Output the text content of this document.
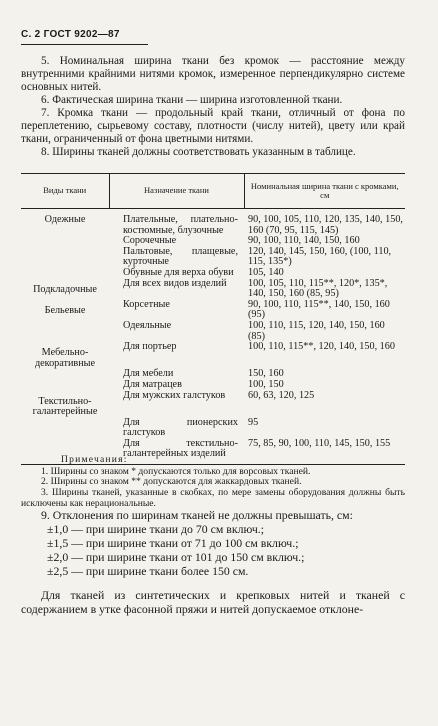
С. 2 ГОСТ 9202—87

5. Номинальная ширина ткани без кромок — расстояние между внутренними крайними нитями кромок, измеренное перпендикулярно системе основных нитей.

6. Фактическая ширина ткани — ширина изготовленной ткани.

7. Кромка ткани — продольный край ткани, отличный от фона по переплетению, сырьевому составу, плотности (числу нитей), цвету или край ткани, ограниченный от фона цветными нитями.

8. Ширины тканей должны соответствовать указанным в таблице.

Виды ткани	Назначение ткани	Номинальная ширина ткани с кромками, см
Одежные	Плательные, плательно-костюмные, блузочные	90, 100, 105, 110, 120, 135, 140, 150, 160 (70, 95, 115, 145)
	Сорочечные	90, 100, 110, 140, 150, 160
	Пальтовые, плащевые, курточные	120, 140, 145, 150, 160, (100, 110, 115, 135*)
	Обувные для верха обуви	105, 140
Подкладочные	Для всех видов изделий	100, 105, 110, 115**, 120*, 135*, 140, 150, 160 (85, 95)
Бельевые	Корсетные	90, 100, 110, 115**, 140, 150, 160 (95)
	Одеяльные	100, 110, 115, 120, 140, 150, 160 (85)
Мебельно-декоративные	Для портьер	100, 110, 115**, 120, 140, 150, 160
	Для мебели	150, 160
	Для матрацев	100, 150
Текстильно-галантерейные	Для мужских галстуков	60, 63, 120, 125
	Для пионерских галстуков	95
	Для текстильно-галантерейных изделий	75, 85, 90, 100, 110, 145, 150, 155

Примечания:

1. Ширины со знаком * допускаются только для ворсовых тканей.

2. Ширины со знаком ** допускаются для жаккардовых тканей.

3. Ширины тканей, указанные в скобках, по мере замены оборудования должны быть исключены как нерациональные.

9. Отклонения по ширинам тканей не должны превышать, см:

±1,0 — при ширине ткани до 70 см включ.;

±1,5 — при ширине ткани от 71 до 100 см включ.;

±2,0 — при ширине ткани от 101 до 150 см включ.;

±2,5 — при ширине ткани более 150 см.

Для тканей из синтетических и крепковых нитей и тканей с содержанием в утке фасонной пряжи и нитей допускаемое отклоне-
